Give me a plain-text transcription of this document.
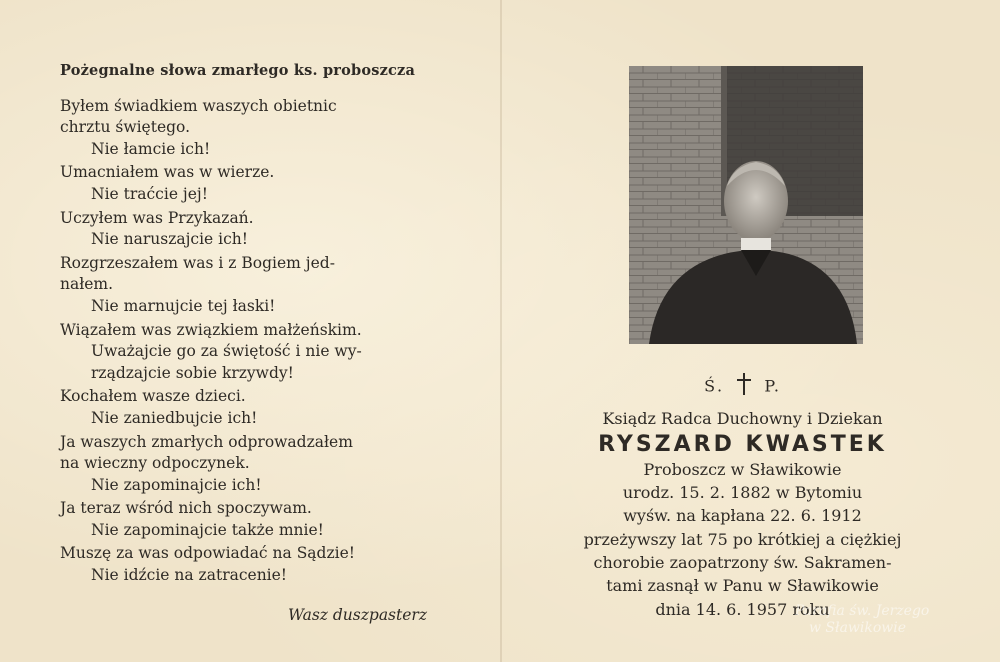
Pożegnalne słowa zmarłego ks. proboszcza
Byłem świadkiem waszych obietnic
chrztu świętego.
Nie łamcie ich!
Umacniałem was w wierze.
Nie traćcie jej!
Uczyłem was Przykazań.
Nie naruszajcie ich!
Rozgrzeszałem was i z Bogiem jed-
nałem.
Nie marnujcie tej łaski!
Wiązałem was związkiem małżeńskim.
Uważajcie go za świętość i nie wy-
rządzajcie sobie krzywdy!
Kochałem wasze dzieci.
Nie zaniedbujcie ich!
Ja waszych zmarłych odprowadzałem
na wieczny odpoczynek.
Nie zapominajcie ich!
Ja teraz wśród nich spoczywam.
Nie zapominajcie także mnie!
Muszę za was odpowiadać na Sądzie!
Nie idźcie na zatracenie!
Wasz duszpasterz
Ś.	P.
Ksiądz Radca Duchowny i Dziekan
RYSZARD KWASTEK
Proboszcz w Sławikowie
urodz. 15. 2. 1882 w Bytomiu
wyśw. na kapłana 22. 6. 1912
przeżywszy lat 75 po krótkiej a ciężkiej
chorobie zaopatrzony św. Sakramen-
tami zasnął w Panu w Sławikowie
dnia 14. 6. 1957 roku
Parafia św. Jerzego
w Sławikowie
